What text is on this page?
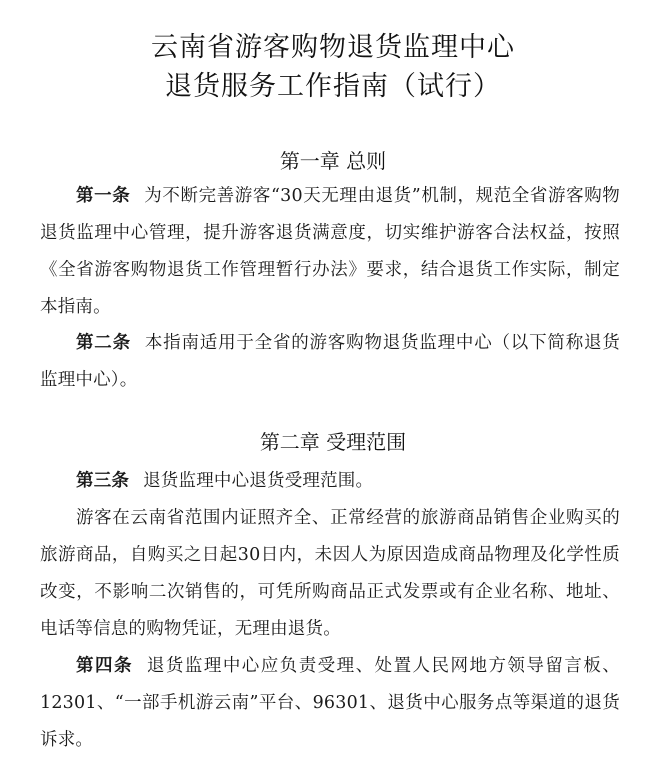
云南省游客购物退货监理中心
退货服务工作指南（试行）
第一章 总则
第一条 为不断完善游客“30天无理由退货”机制，规范全省游客购物退货监理中心管理，提升游客退货满意度，切实维护游客合法权益，按照《全省游客购物退货工作管理暂行办法》要求，结合退货工作实际，制定本指南。
第二条 本指南适用于全省的游客购物退货监理中心（以下简称退货监理中心）。
第二章 受理范围
第三条 退货监理中心退货受理范围。
游客在云南省范围内证照齐全、正常经营的旅游商品销售企业购买的旅游商品，自购买之日起30日内，未因人为原因造成商品物理及化学性质改变，不影响二次销售的，可凭所购商品正式发票或有企业名称、地址、电话等信息的购物凭证，无理由退货。
第四条 退货监理中心应负责受理、处置人民网地方领导留言板、12301、“一部手机游云南”平台、96301、退货中心服务点等渠道的退货诉求。
